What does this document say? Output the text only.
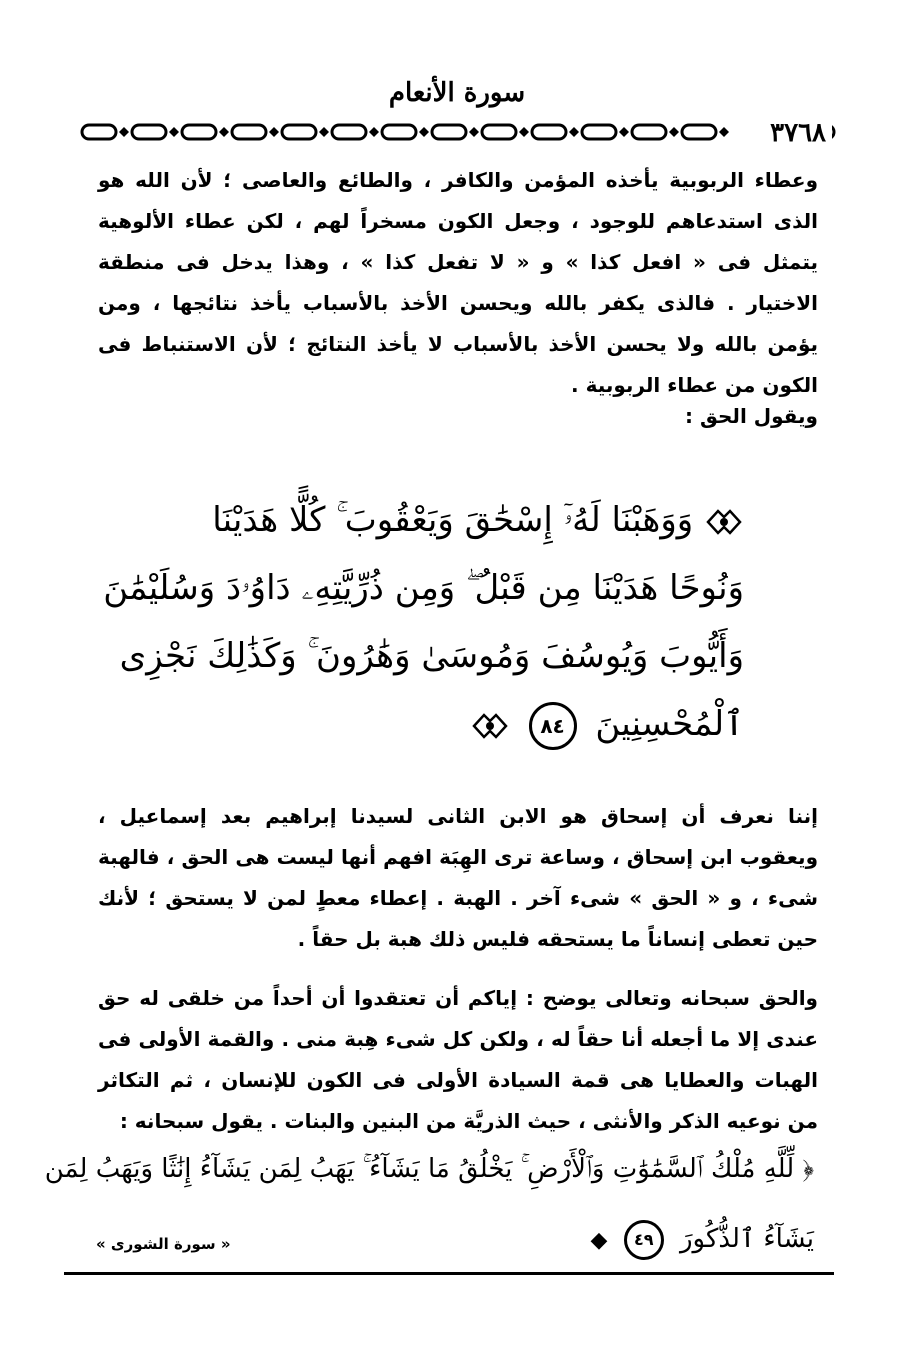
سورة الأنعام
٣٧٦٨
وعطاء الربوبية يأخذه المؤمن والكافر ، والطائع والعاصى ؛ لأن الله هو الذى استدعاهم للوجود ، وجعل الكون مسخراً لهم ، لكن عطاء الألوهية يتمثل فى « افعل كذا » و « لا تفعل كذا » ، وهذا يدخل فى منطقة الاختيار . فالذى يكفر بالله ويحسن الأخذ بالأسباب يأخذ نتائجها ، ومن يؤمن بالله ولا يحسن الأخذ بالأسباب لا يأخذ النتائج ؛ لأن الاستنباط فى الكون من عطاء الربوبية .
ويقول الحق :
وَوَهَبْنَا لَهُۥٓ إِسْحَٰقَ وَيَعْقُوبَ ۚ كُلًّا هَدَيْنَا
وَنُوحًا هَدَيْنَا مِن قَبْلُ ۖ وَمِن ذُرِّيَّتِهِۦ دَاوُۥدَ وَسُلَيْمَٰنَ
وَأَيُّوبَ وَيُوسُفَ وَمُوسَىٰ وَهَٰرُونَ ۚ وَكَذَٰلِكَ نَجْزِى
ٱلْمُحْسِنِينَ ٨٤
إننا نعرف أن إسحاق هو الابن الثانى لسيدنا إبراهيم بعد إسماعيل ، ويعقوب ابن إسحاق ، وساعة ترى الهِبَة افهم أنها ليست هى الحق ، فالهبة شىء ، و « الحق » شىء آخر . الهبة . إعطاء معطٍ لمن لا يستحق ؛ لأنك حين تعطى إنساناً ما يستحقه فليس ذلك هبة بل حقاً .
والحق سبحانه وتعالى يوضح : إياكم أن تعتقدوا أن أحداً من خلقى له حق عندى إلا ما أجعله أنا حقاً له ، ولكن كل شىء هِبة منى . والقمة الأولى فى الهبات والعطايا هى قمة السيادة الأولى فى الكون للإنسان ، ثم التكاثر من نوعيه الذكر والأنثى ، حيث الذريَّة من البنين والبنات . يقول سبحانه :
﴿ لِّلَّهِ مُلْكُ ٱلسَّمَٰوَٰتِ وَٱلْأَرْضِ ۚ يَخْلُقُ مَا يَشَآءُ ۚ يَهَبُ لِمَن يَشَآءُ إِنَٰثًا وَيَهَبُ لِمَن
يَشَآءُ ٱلذُّكُورَ ٤٩ ◆
« سورة الشورى »
